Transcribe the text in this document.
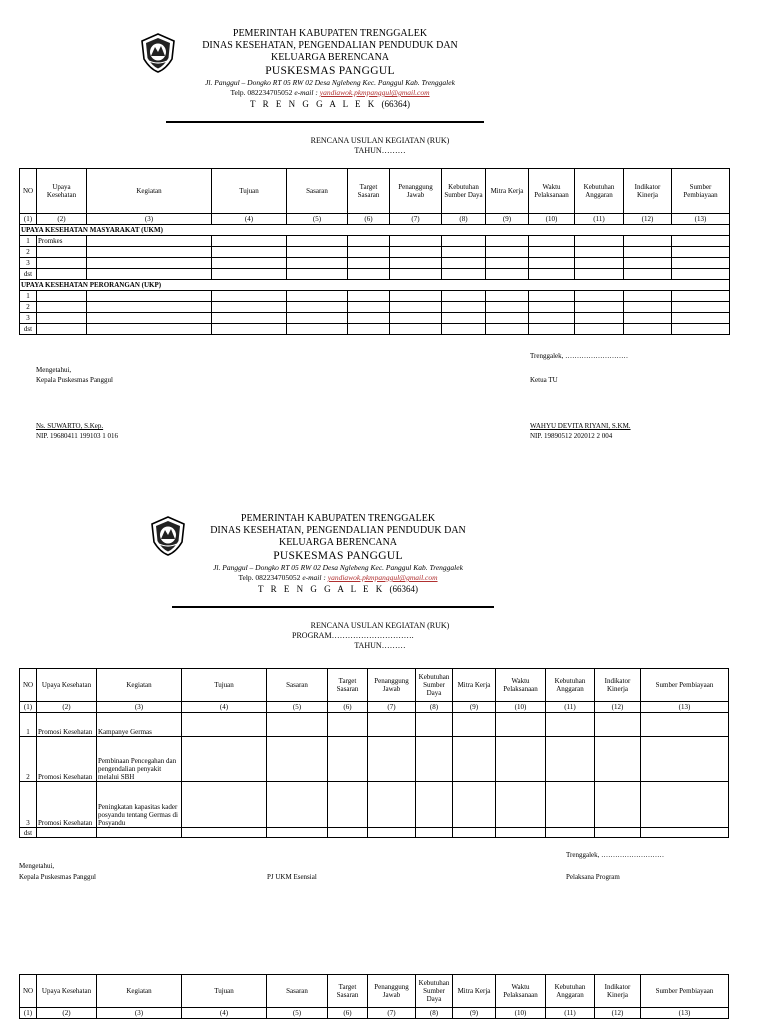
PEMERINTAH KABUPATEN TRENGGALEK
DINAS KESEHATAN, PENGENDALIAN PENDUDUK DAN
KELUARGA BERENCANA
PUSKESMAS PANGGUL
Jl. Panggul – Dongko RT 05 RW 02 Desa Nglebeng Kec. Panggul Kab. Trenggalek
Telp. 082234705052 e-mail : yandiawok.pkmpanggul@gmail.com
T R E N G G A L E K (66364)
RENCANA USULAN KEGIATAN (RUK)
TAHUN………
NO	Upaya Kesehatan	Kegiatan	Tujuan	Sasaran	Target Sasaran	Penanggung Jawab	Kebutuhan Sumber Daya	Mitra Kerja	Waktu Pelaksanaan	Kebutuhan Anggaran	Indikator Kinerja	Sumber Pembiayaan
(1)	(2)	(3)	(4)	(5)	(6)	(7)	(8)	(9)	(10)	(11)	(12)	(13)
UPAYA KESEHATAN MASYARAKAT (UKM)												
1	Promkes											
2												
3												
dst												
UPAYA KESEHATAN PERORANGAN (UKP)												
1												
2												
3												
dst												
Trenggalek, ………………………
Mengetahui,
Kepala Puskesmas Panggul	Ketua TU
Ns. SUWARTO, S.Kep.
NIP. 19680411 199103 1 016
WAHYU DEVITA RIYANI, S.KM.
NIP. 19890512 202012 2 004
PEMERINTAH KABUPATEN TRENGGALEK
DINAS KESEHATAN, PENGENDALIAN PENDUDUK DAN
KELUARGA BERENCANA
PUSKESMAS PANGGUL
Jl. Panggul – Dongko RT 05 RW 02 Desa Nglebeng Kec. Panggul Kab. Trenggalek
Telp. 082234705052 e-mail : yandiawok.pkmpanggul@gmail.com
T R E N G G A L E K (66364)
RENCANA USULAN KEGIATAN (RUK)
PROGRAM………………………….
TAHUN………
NO	Upaya Kesehatan	Kegiatan	Tujuan	Sasaran	Target Sasaran	Penanggung Jawab	Kebutuhan Sumber Daya	Mitra Kerja	Waktu Pelaksanaan	Kebutuhan Anggaran	Indikator Kinerja	Sumber Pembiayaan
(1)	(2)	(3)	(4)	(5)	(6)	(7)	(8)	(9)	(10)	(11)	(12)	(13)
1	Promosi Kesehatan	Kampanye Germas										
2	Promosi Kesehatan	Pembinaan Pencegahan dan pengendalian penyakit melalui SBH										
3	Promosi Kesehatan	Peningkatan kapasitas kader posyandu tentang Germas di Posyandu										
dst												
Trenggalek, ………………………
Mengetahui,
Kepala Puskesmas Panggul	PJ UKM Esensial	Pelaksana Program
NO	Upaya Kesehatan	Kegiatan	Tujuan	Sasaran	Target Sasaran	Penanggung Jawab	Kebutuhan Sumber Daya	Mitra Kerja	Waktu Pelaksanaan	Kebutuhan Anggaran	Indikator Kinerja	Sumber Pembiayaan
(1)	(2)	(3)	(4)	(5)	(6)	(7)	(8)	(9)	(10)	(11)	(12)	(13)
